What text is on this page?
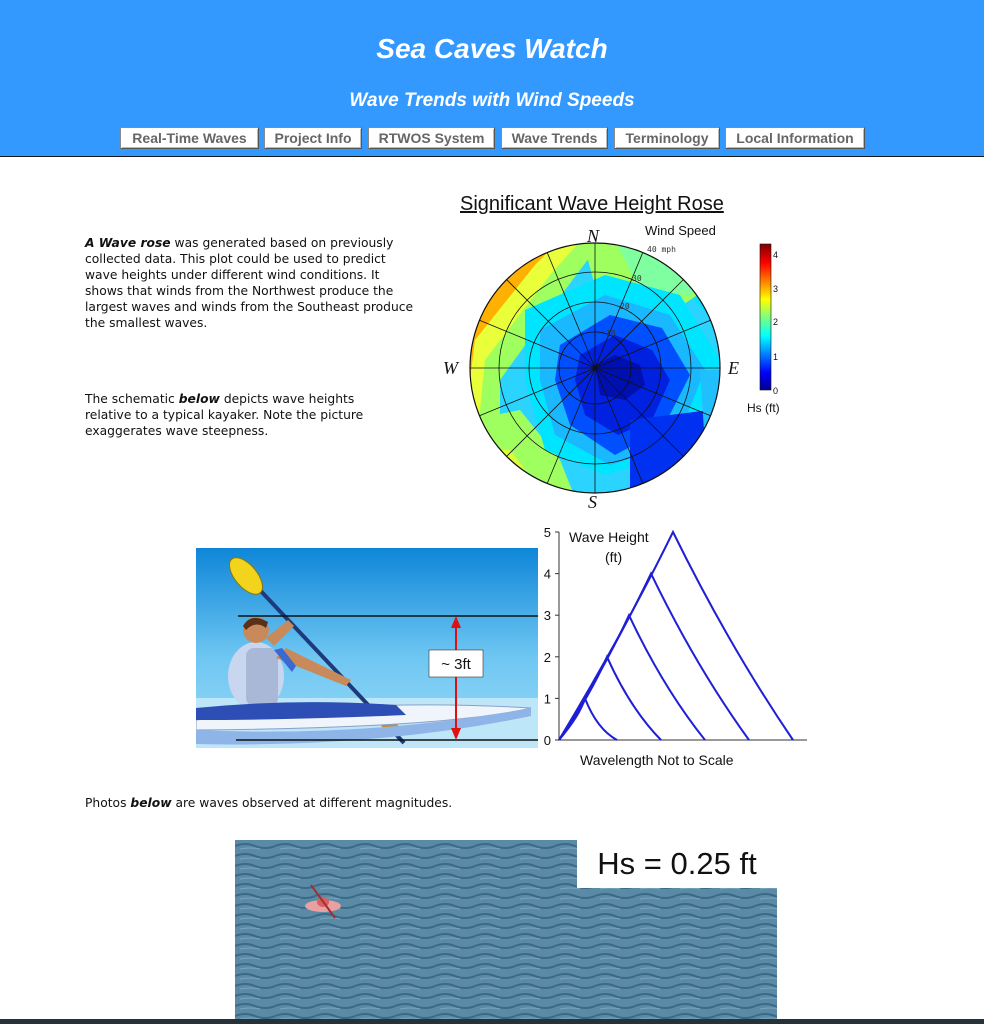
Sea Caves Watch
Wave Trends with Wind Speeds
Real-Time Waves	Project Info	RTWOS System	Wave Trends	Terminology	Local Information
A Wave rose was generated based on previously collected data. This plot could be used to predict wave heights under different wind conditions. It shows that winds from the Northwest produce the largest waves and winds from the Southeast produce the smallest waves.
The schematic below depicts wave heights relative to a typical kayaker. Note the picture exaggerates wave steepness.
Significant Wave Height Rose
N
E
S
W
40 mph
30
20
10
Wind Speed
4
3
2
1
0
Hs (ft)
~ 3ft
0
1
2
3
4
5 Wave Height
(ft)
Wavelength Not to Scale
Photos below are waves observed at different magnitudes.
Hs = 0.25 ft
